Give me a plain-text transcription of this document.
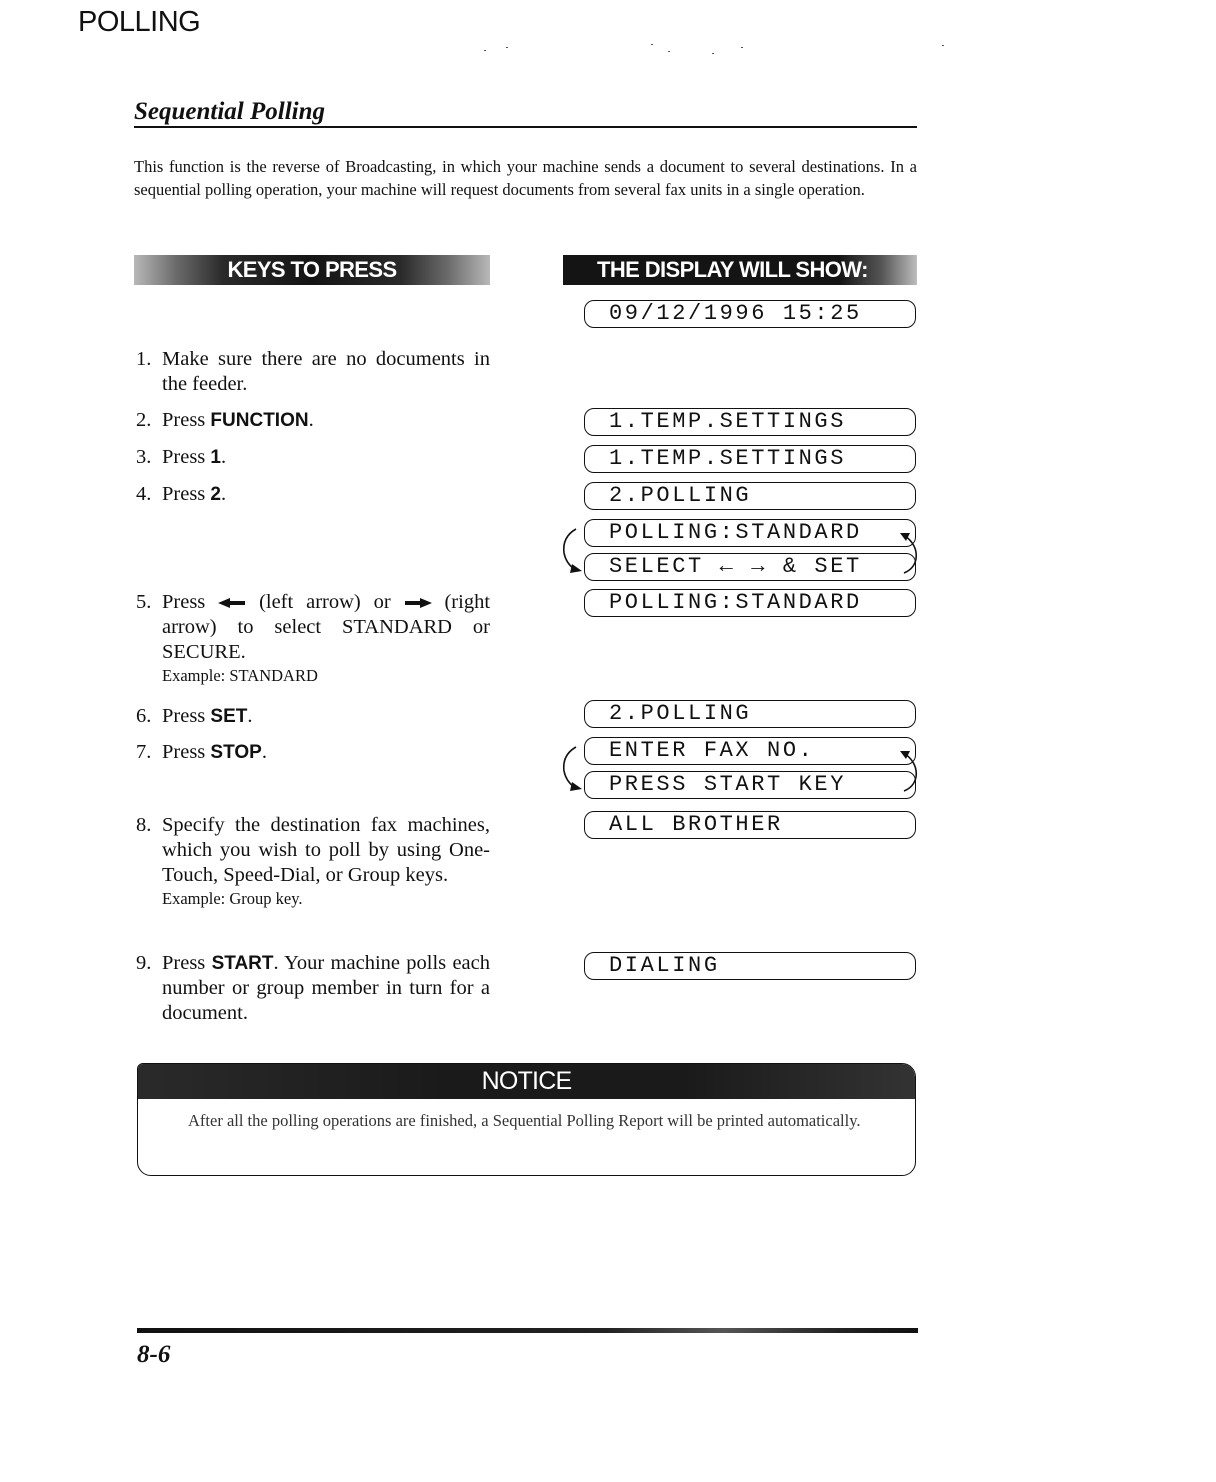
POLLING
Sequential Polling
This function is the reverse of Broadcasting, in which your machine sends a document to several destinations. In a sequential polling operation, your machine will request documents from several fax units in a single operation.
KEYS TO PRESS	THE DISPLAY WILL SHOW:
1. Make sure there are no documents in the feeder.
2. Press FUNCTION.
3. Press 1.
4. Press 2.
5. Press  (left arrow) or	(right arrow) to select STANDARD or SECURE.
Example: STANDARD
6. Press SET.
7. Press STOP.
8. Specify the destination fax machines, which you wish to poll by using One-Touch, Speed-Dial, or Group keys.
Example: Group key.
9. Press START. Your machine polls each number or group member in turn for a document.
09/12/1996 15:25
1.TEMP.SETTINGS
1.TEMP.SETTINGS
2.POLLING
POLLING:STANDARD
SELECT ← → & SET
POLLING:STANDARD
2.POLLING
ENTER FAX NO.
PRESS START KEY
ALL BROTHER
DIALING
NOTICE
After all the polling operations are finished, a Sequential Polling Report will be printed automatically.
8-6
